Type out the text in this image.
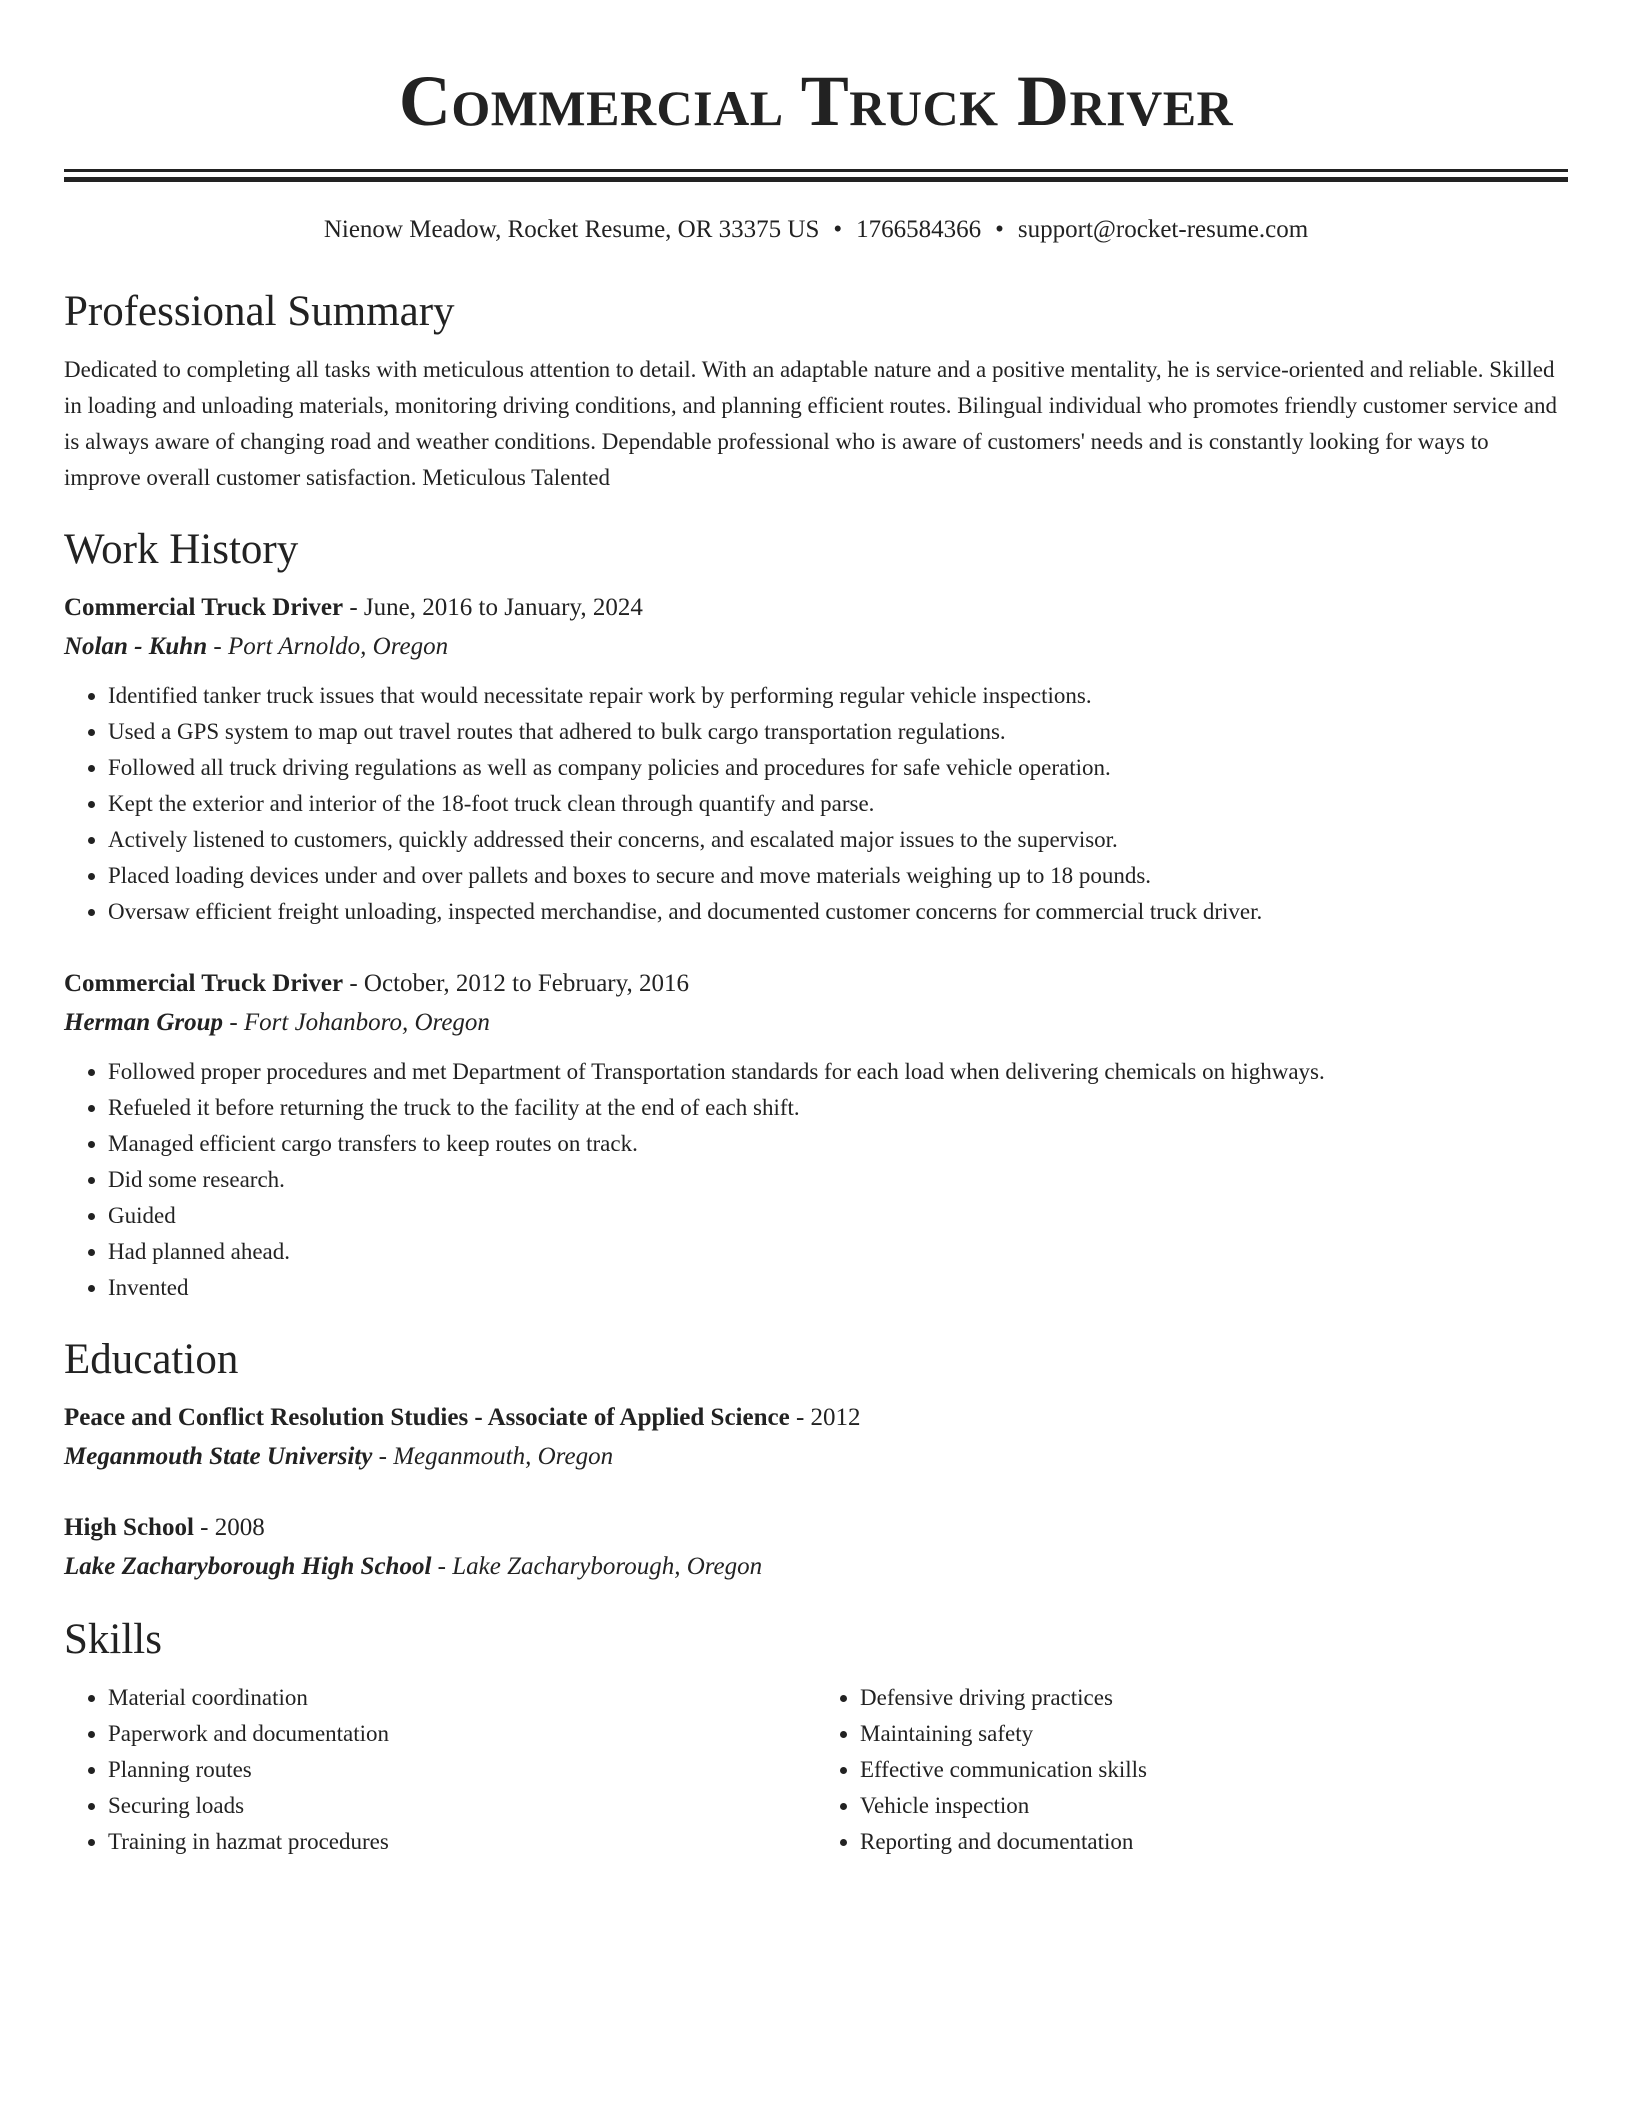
Commercial Truck Driver
Nienow Meadow, Rocket Resume, OR 33375 US • 1766584366 • support@rocket-resume.com
Professional Summary
Dedicated to completing all tasks with meticulous attention to detail. With an adaptable nature and a positive mentality, he is service-oriented and reliable. Skilled in loading and unloading materials, monitoring driving conditions, and planning efficient routes. Bilingual individual who promotes friendly customer service and is always aware of changing road and weather conditions. Dependable professional who is aware of customers' needs and is constantly looking for ways to improve overall customer satisfaction. Meticulous Talented
Work History
Commercial Truck Driver - June, 2016 to January, 2024
Nolan - Kuhn - Port Arnoldo, Oregon
• Identified tanker truck issues that would necessitate repair work by performing regular vehicle inspections.
• Used a GPS system to map out travel routes that adhered to bulk cargo transportation regulations.
• Followed all truck driving regulations as well as company policies and procedures for safe vehicle operation.
• Kept the exterior and interior of the 18-foot truck clean through quantify and parse.
• Actively listened to customers, quickly addressed their concerns, and escalated major issues to the supervisor.
• Placed loading devices under and over pallets and boxes to secure and move materials weighing up to 18 pounds.
• Oversaw efficient freight unloading, inspected merchandise, and documented customer concerns for commercial truck driver.
Commercial Truck Driver - October, 2012 to February, 2016
Herman Group - Fort Johanboro, Oregon
• Followed proper procedures and met Department of Transportation standards for each load when delivering chemicals on highways.
• Refueled it before returning the truck to the facility at the end of each shift.
• Managed efficient cargo transfers to keep routes on track.
• Did some research.
• Guided
• Had planned ahead.
• Invented
Education
Peace and Conflict Resolution Studies - Associate of Applied Science - 2012
Meganmouth State University - Meganmouth, Oregon
High School - 2008
Lake Zacharyborough High School - Lake Zacharyborough, Oregon
Skills
• Material coordination
• Paperwork and documentation
• Planning routes
• Securing loads
• Training in hazmat procedures
• Defensive driving practices
• Maintaining safety
• Effective communication skills
• Vehicle inspection
• Reporting and documentation
